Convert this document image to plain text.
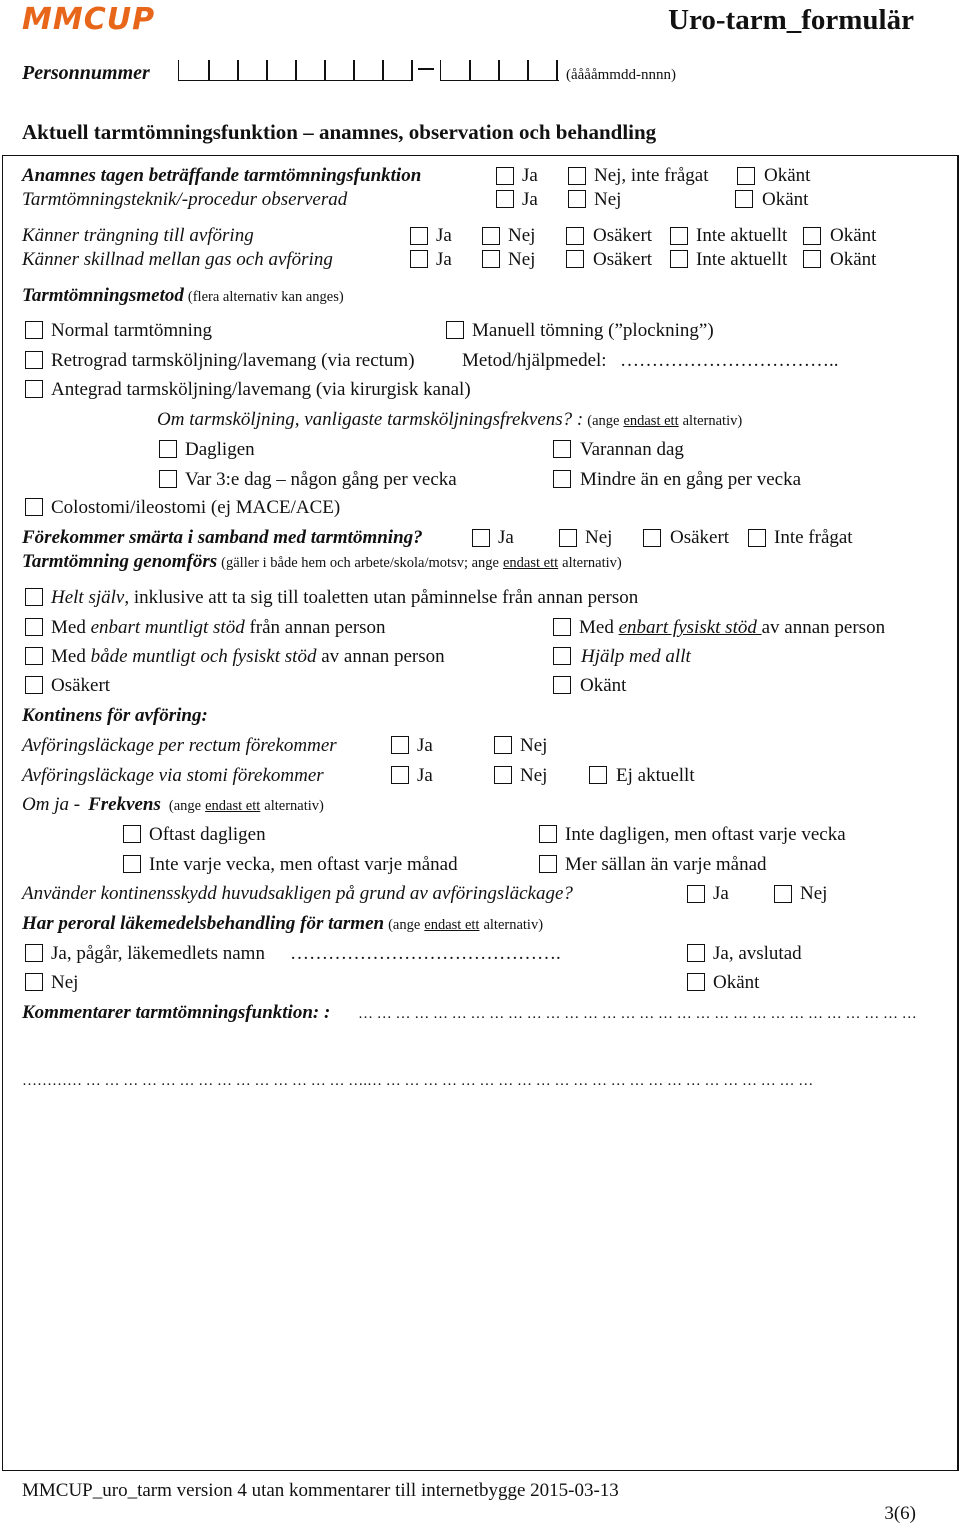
MMCUP	Uro-tarm_formulär
Personnummer	(ååååmmdd-nnnn)
Aktuell tarmtömningsfunktion – anamnes, observation och behandling
Anamnes tagen beträffande tarmtömningsfunktion	Ja	Nej, inte frågat	Okänt
Tarmtömningsteknik/-procedur observerad	Ja	Nej	Okänt
Känner trängning till avföring	Ja	Nej	Osäkert Inte aktuellt Okänt
Känner skillnad mellan gas och avföring	Ja	Nej	Osäkert Inte aktuellt Okänt
Tarmtömningsmetod (flera alternativ kan anges)
Normal tarmtömning	Manuell tömning (”plockning”)
Retrograd tarmsköljning/lavemang (via rectum) Metod/hjälpmedel: ……………………………..
Antegrad tarmsköljning/lavemang (via kirurgisk kanal)
Om tarmsköljning, vanligaste tarmsköljningsfrekvens? : (ange endast ett alternativ)
Dagligen	Varannan dag
Var 3:e dag – någon gång per vecka	Mindre än en gång per vecka
Colostomi/ileostomi (ej MACE/ACE)
Förekommer smärta i samband med tarmtömning?	Ja	Nej	Osäkert Inte frågat
Tarmtömning genomförs (gäller i både hem och arbete/skola/motsv; ange endast ett alternativ)
Helt själv, inklusive att ta sig till toaletten utan påminnelse från annan person
Med enbart muntligt stöd från annan person	Med enbart fysiskt stöd av annan person
Med både muntligt och fysiskt stöd av annan person	Hjälp med allt
Osäkert	Okänt
Kontinens för avföring:
Avföringsläckage per rectum förekommer	Ja	Nej
Avföringsläckage via stomi förekommer	Ja	Nej	Ej aktuellt
Om ja - Frekvens (ange endast ett alternativ)
Oftast dagligen	Inte dagligen, men oftast varje vecka
Inte varje vecka, men oftast varje månad	Mer sällan än varje månad
Använder kontinensskydd huvudsakligen på grund av avföringsläckage?	Ja	Nej
Har peroral läkemedelsbehandling för tarmen (ange endast ett alternativ)
Ja, pågår, läkemedlets namn …………………………………….	Ja, avslutad
Nej	Okänt
Kommentarer tarmtömningsfunktion: : … … … … … … … … … … … … … … … … … … … … … … … … … … … … … …
………… … … … … … … … … … … … … … … ….… … … … … … … … … … … … … … … … … … … … … … … …
MMCUP_uro_tarm version 4 utan kommentarer till internetbygge 2015-03-13
3(6)
